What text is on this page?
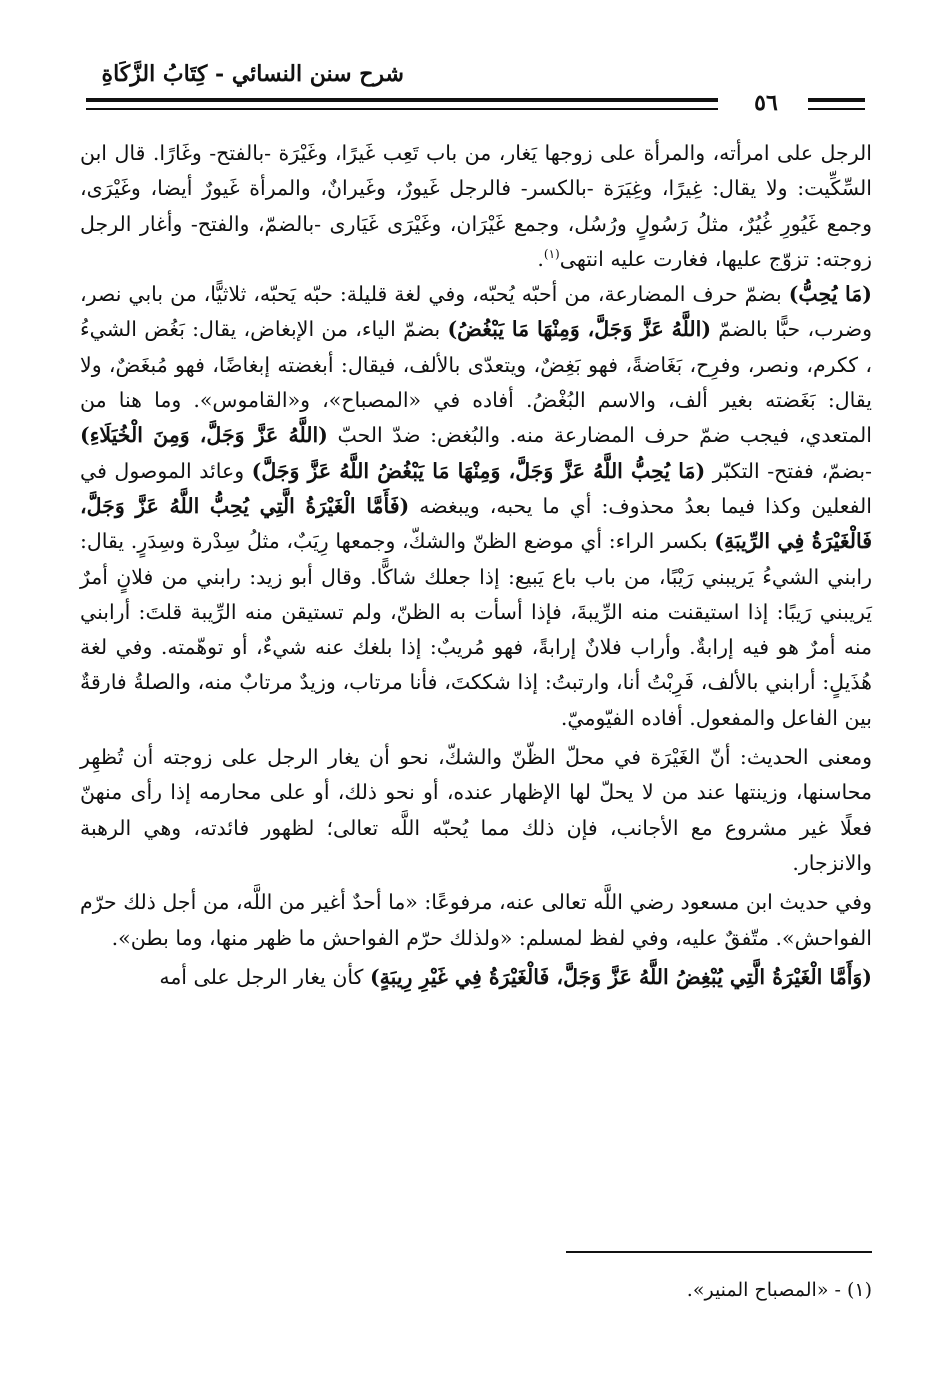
شرح سنن النسائي - كِتَابُ الزَّكَاةِ
٥٦

الرجل على امرأته، والمرأة على زوجها يَغار، من باب تَعِب غَيرًا، وغَيْرَة -بالفتح- وغَارًا. قال ابن السِّكِّيت: ولا يقال: غِيرًا، وغِيَرَة -بالكسر- فالرجل غَيورٌ، وغَيرانٌ، والمرأة غَيورٌ أيضا، وغَيْرَى، وجمع غَيُورِ غُيُرٌ، مثلُ رَسُولٍ ورُسُل، وجمع غَيْرَان، وغَيْرَى غَيَارى -بالضمّ، والفتح- وأغار الرجل زوجته: تزوّج عليها، فغارت عليه انتهى$^{(١)}$.

(مَا يُحِبُّ) بضمّ حرف المضارعة، من أحبّه يُحبّه، وفي لغة قليلة: حبّه يَحبّه، ثلاثيًّا، من بابي نصر، وضرب، حبًّا بالضمّ (اللَّهُ عَزَّ وَجَلَّ، وَمِنْهَا مَا يَبْغُضُ) بضمّ الياء، من الإبغاض، يقال: بَغُض الشيءُ ، ككرم، ونصر، وفرِح، بَغَاضةً، فهو بَغِضٌ، ويتعدّى بالألف، فيقال: أبغضته إبغاضًا، فهو مُبغَضٌ، ولا يقال: بَغَضته بغير ألف، والاسم البُغْضُ. أفاده في «المصباح»، و«القاموس». وما هنا من المتعدي، فيجب ضمّ حرف المضارعة منه. والبُغض: ضدّ الحبّ (اللَّهُ عَزَّ وَجَلَّ، وَمِنَ الْخُيَلَاءِ) -بضمّ، ففتح- التكبّر (مَا يُحِبُّ اللَّهُ عَزَّ وَجَلَّ، وَمِنْهَا مَا يَبْغُضُ اللَّهُ عَزَّ وَجَلَّ) وعائد الموصول في الفعلين وكذا فيما بعدُ محذوف: أي ما يحبه، ويبغضه (فَأَمَّا الْغَيْرَةُ الَّتِي يُحِبُّ اللَّهُ عَزَّ وَجَلَّ، فَالْغَيْرَةُ فِي الرِّيبَةِ) بكسر الراء: أي موضع الظنّ والشكّ، وجمعها رِيَبٌ، مثلُ سِدْرة وسِدَرٍ. يقال: رابني الشيءُ يَريبني رَيْبًا، من باب باع يَبيع: إذا جعلك شاكًّا. وقال أبو زيد: رابني من فلانٍ أمرٌ يَريبني رَيبًا: إذا استيقنت منه الرِّيبةَ، فإذا أسأت به الظنّ، ولم تستيقن منه الرِّيبة قلتَ: أرابني منه أمرٌ هو فيه إرابةٌ. وأراب فلانٌ إرابةً، فهو مُريبٌ: إذا بلغك عنه شيءٌ، أو توهّمته. وفي لغة هُذَيلٍ: أرابني بالألف، فَرِبْتُ أنا، وارتبتُ: إذا شككتَ، فأنا مرتاب، وزيدٌ مرتابٌ منه، والصلةُ فارقةٌ بين الفاعل والمفعول. أفاده الفيّوميّ.

ومعنى الحديث: أنّ الغَيْرَة في محلّ الظّنّ والشكّ، نحو أن يغار الرجل على زوجته أن تُظهِر محاسنها، وزينتها عند من لا يحلّ لها الإظهار عنده، أو نحو ذلك، أو على محارمه إذا رأى منهنّ فعلًا غير مشروع مع الأجانب، فإن ذلك مما يُحبّه اللَّه تعالى؛ لظهور فائدته، وهي الرهبة والانزجار.

وفي حديث ابن مسعود رضي اللَّه تعالى عنه، مرفوعًا: «ما أحدٌ أغير من اللَّه، من أجل ذلك حرّم الفواحش». متّفقٌ عليه، وفي لفظ لمسلم: «ولذلك حرّم الفواحش ما ظهر منها، وما بطن».

(وَأَمَّا الْغَيْرَةُ الَّتِي يُبْغِضُ اللَّهُ عَزَّ وَجَلَّ، فَالْغَيْرَةُ فِي غَيْرِ رِيبَةٍ) كأن يغار الرجل على أمه

(١) - «المصباح المنير».
